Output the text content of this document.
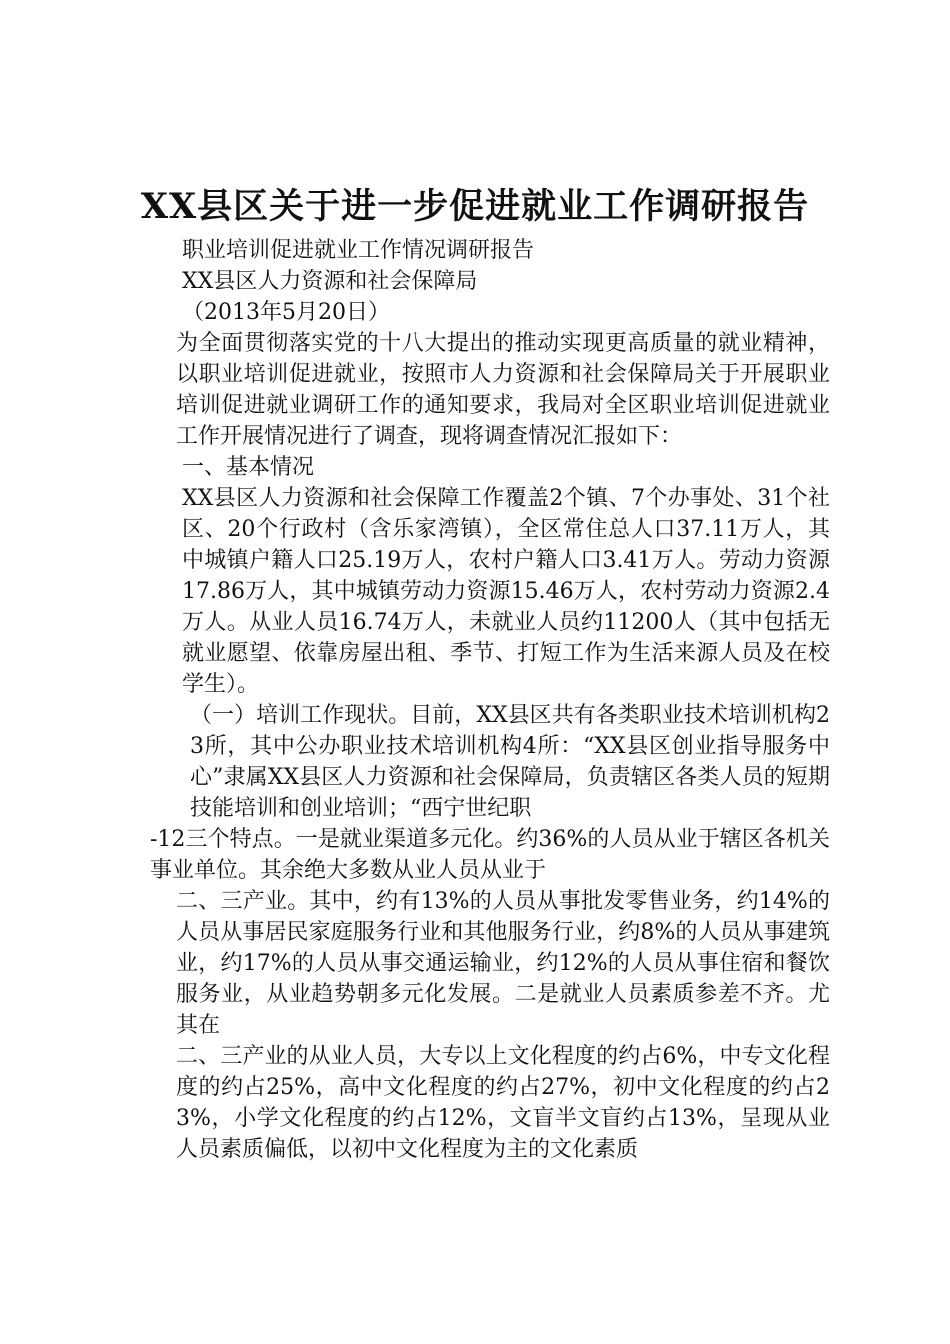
XX县区关于进一步促进就业工作调研报告
职业培训促进就业工作情况调研报告
XX县区人力资源和社会保障局
（2013年5月20日）

为全面贯彻落实党的十八大提出的推动实现更高质量的就业精神，以职业培训促进就业，按照市人力资源和社会保障局关于开展职业培训促进就业调研工作的通知要求，我局对全区职业培训促进就业工作开展情况进行了调查，现将调查情况汇报如下：

一、基本情况

XX县区人力资源和社会保障工作覆盖2个镇、7个办事处、31个社区、20个行政村（含乐家湾镇），全区常住总人口37.11万人，其中城镇户籍人口25.19万人，农村户籍人口3.41万人。劳动力资源17.86万人，其中城镇劳动力资源15.46万人，农村劳动力资源2.4万人。从业人员16.74万人，未就业人员约11200人（其中包括无就业愿望、依靠房屋出租、季节、打短工作为生活来源人员及在校学生）。

（一）培训工作现状。目前，XX县区共有各类职业技术培训机构23所，其中公办职业技术培训机构4所：“XX县区创业指导服务中心”隶属XX县区人力资源和社会保障局，负责辖区各类人员的短期技能培训和创业培训；“西宁世纪职

-12三个特点。一是就业渠道多元化。约36%的人员从业于辖区各机关事业单位。其余绝大多数从业人员从业于

二、三产业。其中，约有13%的人员从事批发零售业务，约14%的人员从事居民家庭服务行业和其他服务行业，约8%的人员从事建筑业，约17%的人员从事交通运输业，约12%的人员从事住宿和餐饮服务业，从业趋势朝多元化发展。二是就业人员素质参差不齐。尤其在

二、三产业的从业人员，大专以上文化程度的约占6%，中专文化程度的约占25%，高中文化程度的约占27%，初中文化程度的约占23%，小学文化程度的约占12%，文盲半文盲约占13%，呈现从业人员素质偏低，以初中文化程度为主的文化素质
